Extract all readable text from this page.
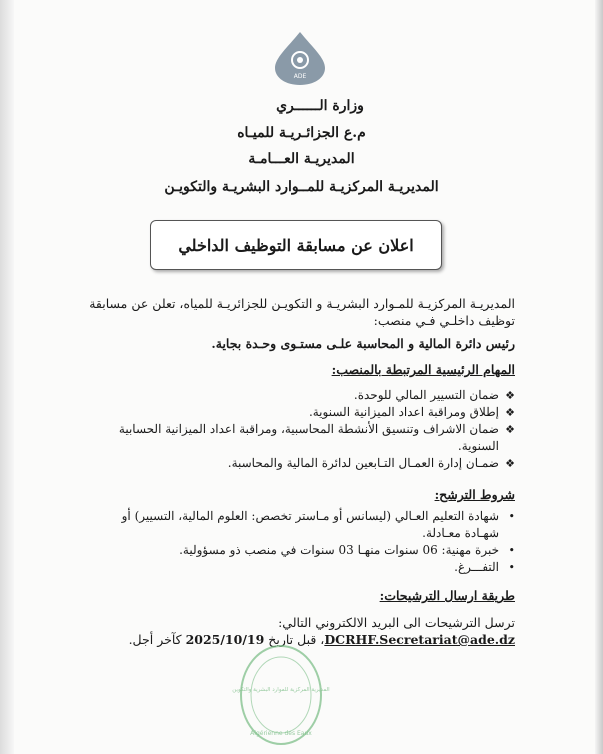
ADE
وزارة الــــــري
م.ع الجزائـريـة للميـاه
المديريـة العـــامـة
المديريـة المركزيـة للمــوارد البشريـة والتكويـن
اعلان عن مسابقة التوظيف الداخلي
المديريـة المركزيـة للمـوارد البشريـة و التكويـن للجزائريـة للمياه، تعلن عن مسابقة توظيف داخلـي فـي منصب:
رئيس دائرة المالية و المحاسبة علـى مستـوى وحـدة بجاية.
المهام الرئيسية المرتبطة بالمنصب:
❖
ضمان التسيير المالي للوحدة.
❖
إطلاق ومراقبة اعداد الميزانية السنوية.
❖
ضمان الاشراف وتنسيق الأنشطة المحاسبية، ومراقبة اعداد الميزانية الحسابية السنوية.
❖
ضمـان إدارة العمـال التـابعين لدائرة المالية والمحاسبة.
شروط الترشح:
•
شهادة التعليم العـالي (ليسانس أو مـاستر تخصص: العلوم المالية، التسيير) أو شهـادة معـادلة.
•
خبرة مهنية: 06 سنوات منهـا 03 سنوات في منصب ذو مسؤولية.
•
التفـــرغ.
طريقة ارسال الترشيحات:
ترسل الترشيحات الى البريد الالكتروني التالي: DCRHF.Secretariat@ade.dz، قبل تاريخ 2025/10/19 كآخر أجل.
المديرية المركزية للموارد البشرية والتكوين
Algérienne des Eaux
